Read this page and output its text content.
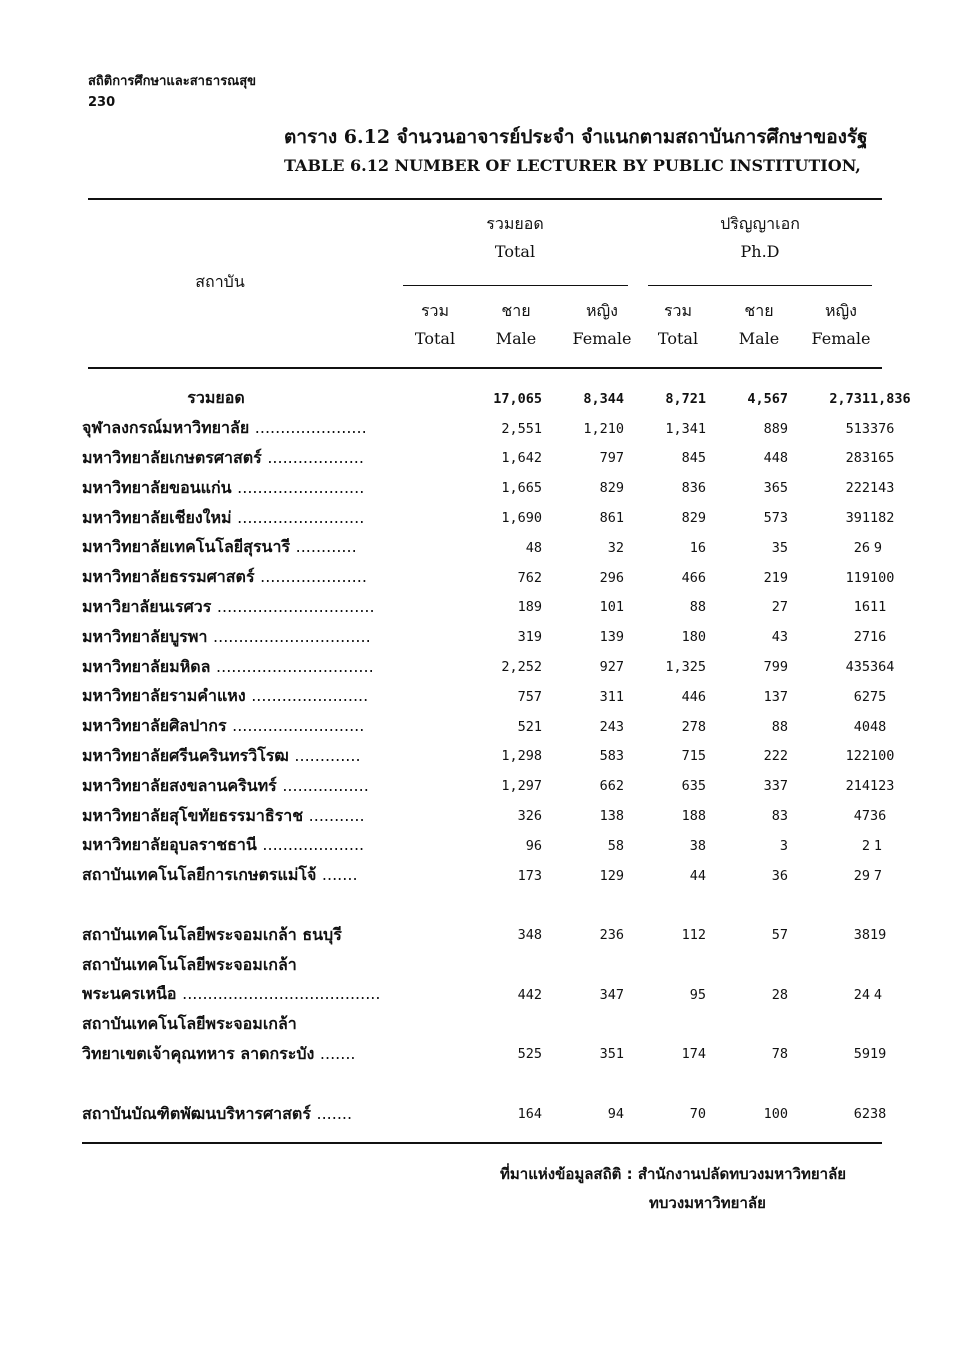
สถิติการศึกษาและสาธารณสุข
230
ตาราง 6.12 จำนวนอาจารย์ประจำ จำแนกตามสถาบันการศึกษาของรัฐ
TABLE 6.12 NUMBER OF LECTURER BY PUBLIC INSTITUTION,
สถาบัน
รวมยอด
Total
ปริญญาเอก
Ph.D
รวม
Total
ชาย
Male
หญิง
Female
รวม
Total
ชาย
Male
หญิง
Female
รวมยอด	17,065	8,344	8,721	4,567	2,731	1,836	
จุฬาลงกรณ์มหาวิทยาลัย ......................	2,551	1,210	1,341	889	513	376	
มหาวิทยาลัยเกษตรศาสตร์ ...................	1,642	797	845	448	283	165	
มหาวิทยาลัยขอนแก่น .........................	1,665	829	836	365	222	143	
มหาวิทยาลัยเชียงใหม่ .........................	1,690	861	829	573	391	182	
มหาวิทยาลัยเทคโนโลยีสุรนารี ............	48	32	16	35	26	9	
มหาวิทยาลัยธรรมศาสตร์ .....................	762	296	466	219	119	100	
มหาวิยาลัยนเรศวร ...............................	189	101	88	27	16	11	
มหาวิทยาลัยบูรพา ...............................	319	139	180	43	27	16	
มหาวิทยาลัยมหิดล ...............................	2,252	927	1,325	799	435	364	
มหาวิทยาลัยรามคำแหง .......................	757	311	446	137	62	75	
มหาวิทยาลัยศิลปากร ..........................	521	243	278	88	40	48	
มหาวิทยาลัยศรีนครินทรวิโรฒ .............	1,298	583	715	222	122	100	
มหาวิทยาลัยสงขลานครินทร์ .................	1,297	662	635	337	214	123	
มหาวิทยาลัยสุโขทัยธรรมาธิราช ...........	326	138	188	83	47	36	
มหาวิทยาลัยอุบลราชธานี ....................	96	58	38	3	2	1	
สถาบันเทคโนโลยีการเกษตรแม่โจ้ .......	173	129	44	36	29	7	

สถาบันเทคโนโลยีพระจอมเกล้า ธนบุรี	348	236	112	57	38	19	
สถาบันเทคโนโลยีพระจอมเกล้า							
พระนครเหนือ .......................................	442	347	95	28	24	4	
สถาบันเทคโนโลยีพระจอมเกล้า							
วิทยาเขตเจ้าคุณทหาร ลาดกระบัง .......	525	351	174	78	59	19	

สถาบันบัณฑิตพัฒนบริหารศาสตร์ .......	164	94	70	100	62	38	
ที่มาแห่งข้อมูลสถิติ : สำนักงานปลัดทบวงมหาวิทยาลัย
ทบวงมหาวิทยาลัย
